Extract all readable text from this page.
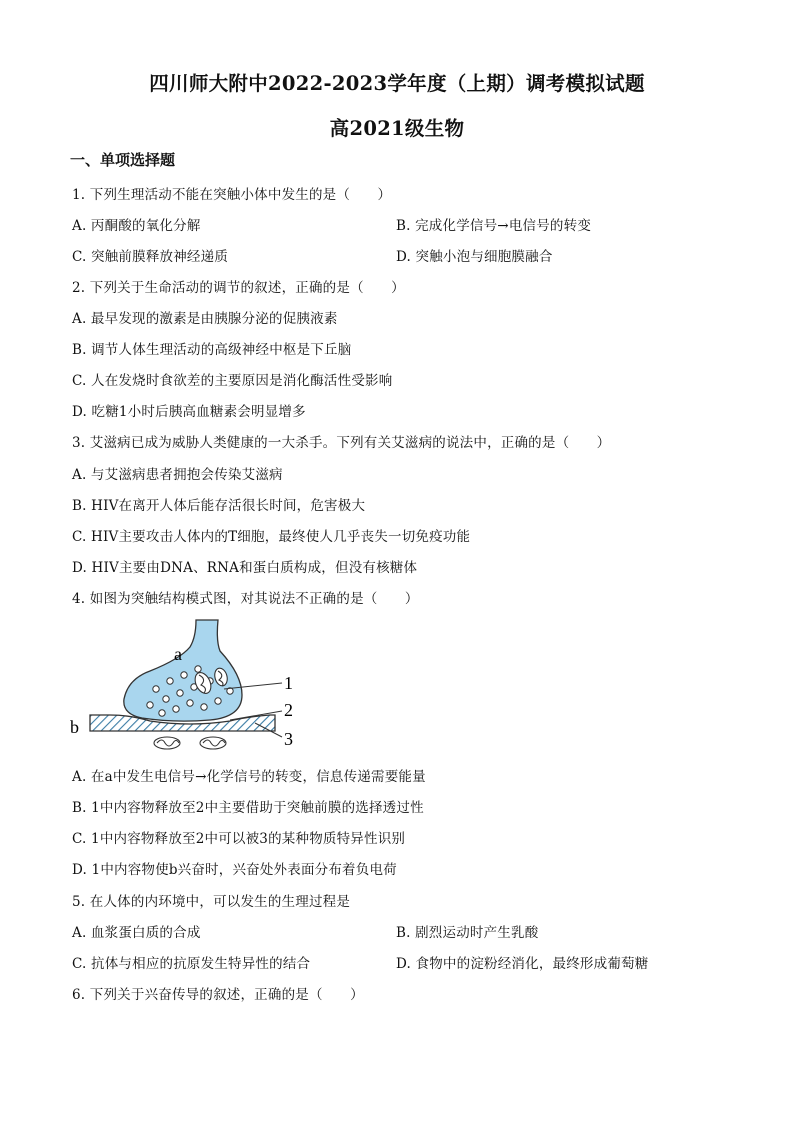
四川师大附中2022-2023学年度（上期）调考模拟试题
高2021级生物
一、单项选择题
1. 下列生理活动不能在突触小体中发生的是（　　）
A. 丙酮酸的氧化分解	B. 完成化学信号→电信号的转变
C. 突触前膜释放神经递质	D. 突触小泡与细胞膜融合
2. 下列关于生命活动的调节的叙述，正确的是（　　）
A. 最早发现的激素是由胰腺分泌的促胰液素
B. 调节人体生理活动的高级神经中枢是下丘脑
C. 人在发烧时食欲差的主要原因是消化酶活性受影响
D. 吃糖1小时后胰高血糖素会明显增多
3. 艾滋病已成为威胁人类健康的一大杀手。下列有关艾滋病的说法中，正确的是（　　）
A. 与艾滋病患者拥抱会传染艾滋病
B. HIV在离开人体后能存活很长时间，危害极大
C. HIV主要攻击人体内的T细胞，最终使人几乎丧失一切免疫功能
D. HIV主要由DNA、RNA和蛋白质构成，但没有核糖体
4. 如图为突触结构模式图，对其说法不正确的是（　　）
a
b
1
2
3
A. 在a中发生电信号→化学信号的转变，信息传递需要能量
B. 1中内容物释放至2中主要借助于突触前膜的选择透过性
C. 1中内容物释放至2中可以被3的某种物质特异性识别
D. 1中内容物使b兴奋时，兴奋处外表面分布着负电荷
5. 在人体的内环境中，可以发生的生理过程是
A. 血浆蛋白质的合成	B. 剧烈运动时产生乳酸
C. 抗体与相应的抗原发生特异性的结合	D. 食物中的淀粉经消化，最终形成葡萄糖
6. 下列关于兴奋传导的叙述，正确的是（　　）
